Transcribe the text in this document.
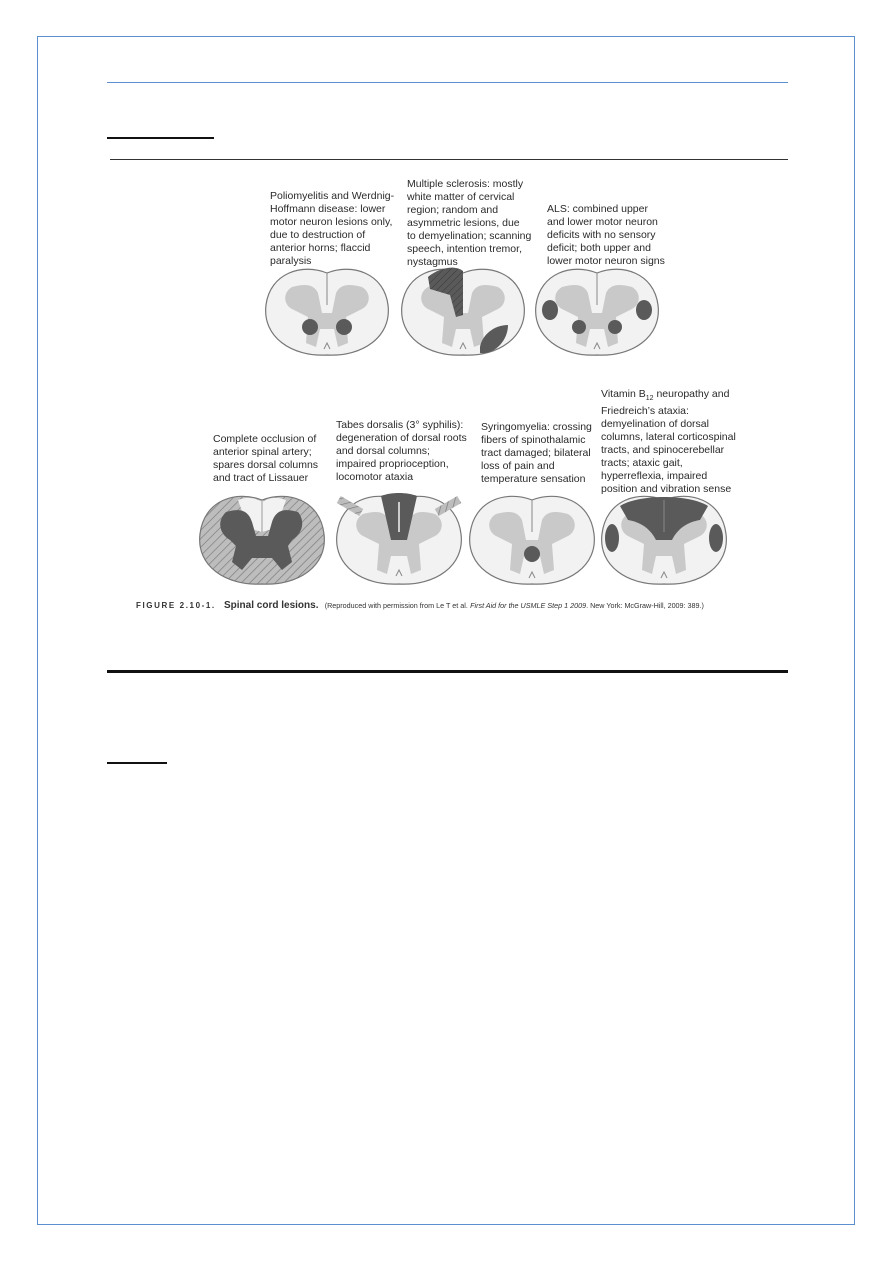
Poliomyelitis and Werdnig-
Hoffmann disease: lower
motor neuron lesions only,
due to destruction of
anterior horns; flaccid
paralysis
Multiple sclerosis: mostly
white matter of cervical
region; random and
asymmetric lesions, due
to demyelination; scanning
speech, intention tremor,
nystagmus
ALS: combined upper
and lower motor neuron
deficits with no sensory
deficit; both upper and
lower motor neuron signs
Complete occlusion of
anterior spinal artery;
spares dorsal columns
and tract of Lissauer
Tabes dorsalis (3° syphilis):
degeneration of dorsal roots
and dorsal columns;
impaired proprioception,
locomotor ataxia
Syringomyelia: crossing
fibers of spinothalamic
tract damaged; bilateral
loss of pain and
temperature sensation
Vitamin $B_{12}$ neuropathy and
Friedreich’s ataxia:
demyelination of dorsal
columns, lateral corticospinal
tracts, and spinocerebellar
tracts; ataxic gait,
hyperreflexia, impaired
position and vibration sense
FIGURE 2.10-1. Spinal cord lesions. (Reproduced with permission from Le T et al. First Aid for the USMLE Step 1 2009. New York: McGraw-Hill, 2009: 389.)
